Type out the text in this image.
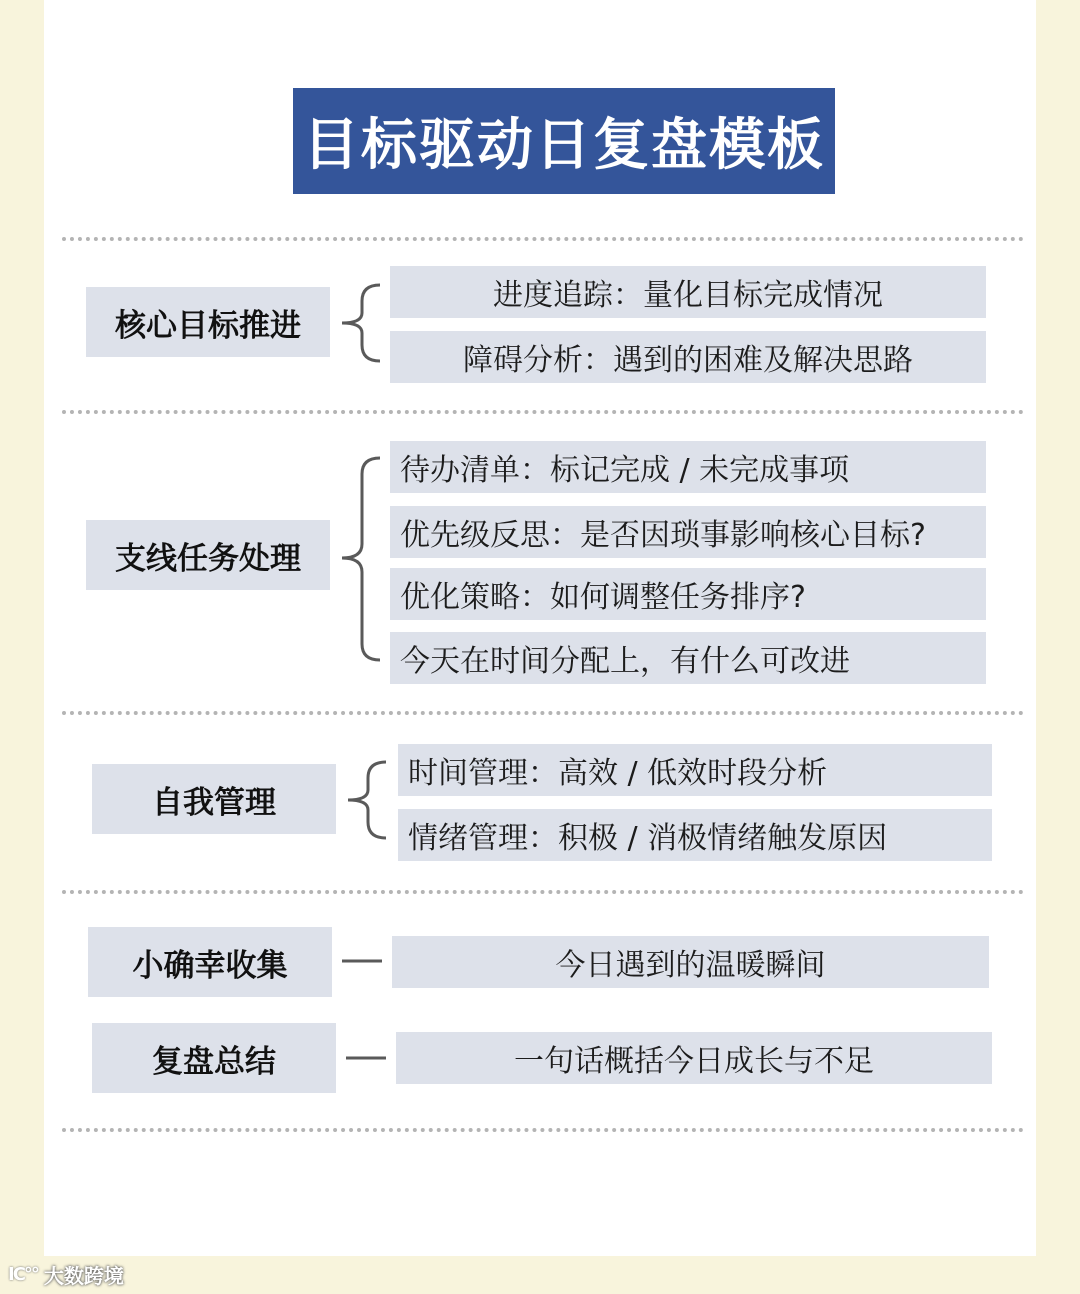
目标驱动日复盘模板
核心目标推进
进度追踪：量化目标完成情况
障碍分析：遇到的困难及解决思路
支线任务处理
待办清单：标记完成 / 未完成事项
优先级反思：是否因琐事影响核心目标?
优化策略：如何调整任务排序?
今天在时间分配上，有什么可改进
自我管理
时间管理：高效 / 低效时段分析
情绪管理：积极 / 消极情绪触发原因
小确幸收集	今日遇到的温暖瞬间
复盘总结	一句话概括今日成长与不足
IC°° 大数跨境
